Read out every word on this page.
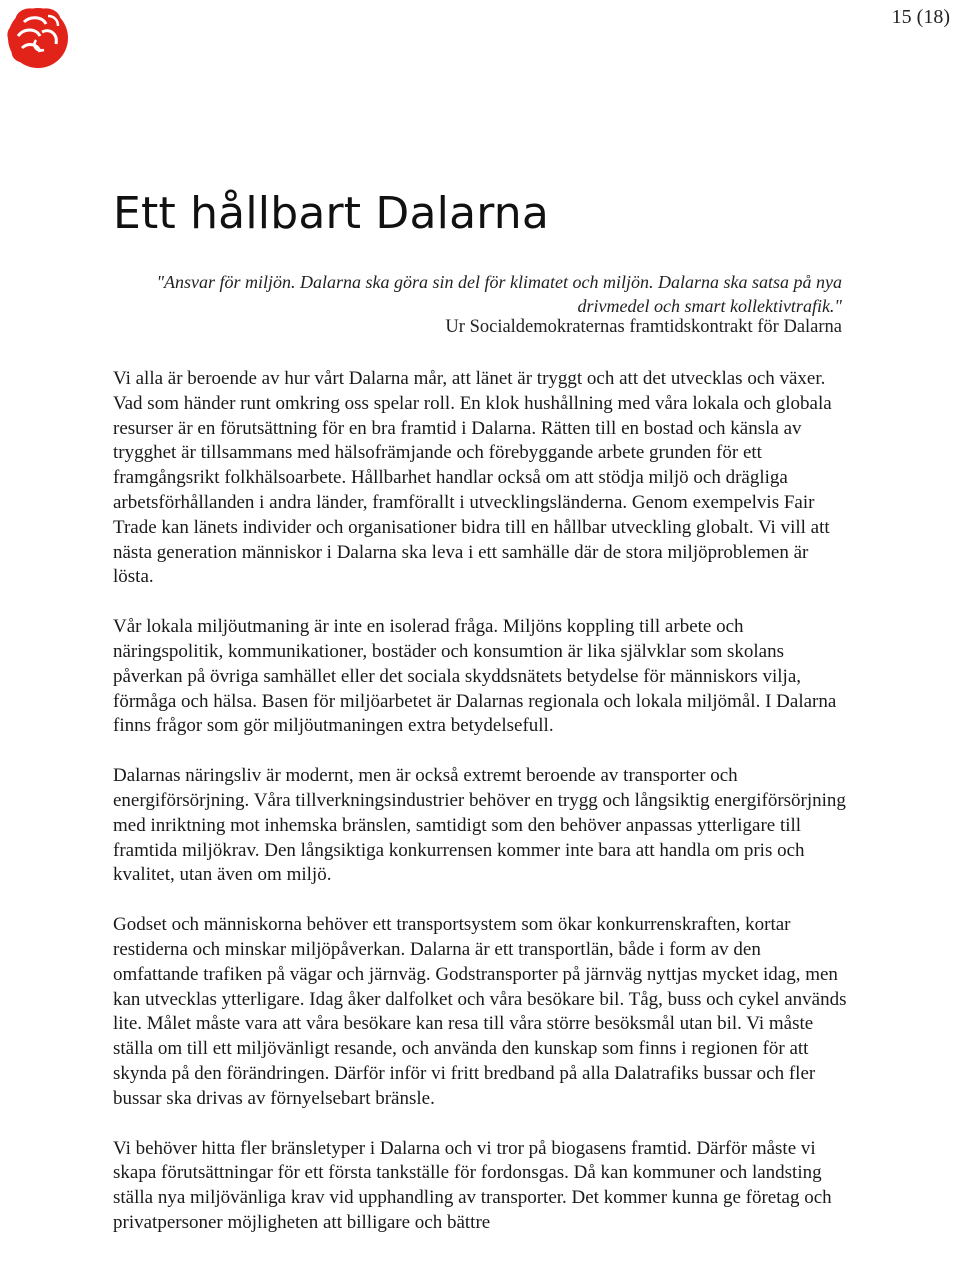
15 (18)
Ett hållbart Dalarna
"Ansvar för miljön. Dalarna ska göra sin del för klimatet och miljön. Dalarna ska satsa på nya drivmedel och smart kollektivtrafik."
Ur Socialdemokraternas framtidskontrakt för Dalarna

Vi alla är beroende av hur vårt Dalarna mår, att länet är tryggt och att det utvecklas och växer. Vad som händer runt omkring oss spelar roll. En klok hushållning med våra lokala och globala resurser är en förutsättning för en bra framtid i Dalarna. Rätten till en bostad och känsla av trygghet är tillsammans med hälsofrämjande och förebyggande arbete grunden för ett framgångsrikt folkhälsoarbete. Hållbarhet handlar också om att stödja miljö och drägliga arbetsförhållanden i andra länder, framförallt i utvecklingsländerna. Genom exempelvis Fair Trade kan länets individer och organisationer bidra till en hållbar utveckling globalt. Vi vill att nästa generation människor i Dalarna ska leva i ett samhälle där de stora miljöproblemen är lösta.

Vår lokala miljöutmaning är inte en isolerad fråga. Miljöns koppling till arbete och näringspolitik, kommunikationer, bostäder och konsumtion är lika självklar som skolans påverkan på övriga samhället eller det sociala skyddsnätets betydelse för människors vilja, förmåga och hälsa. Basen för miljöarbetet är Dalarnas regionala och lokala miljömål. I Dalarna finns frågor som gör miljöutmaningen extra betydelsefull.

Dalarnas näringsliv är modernt, men är också extremt beroende av transporter och energiförsörjning. Våra tillverkningsindustrier behöver en trygg och långsiktig energiförsörjning med inriktning mot inhemska bränslen, samtidigt som den behöver anpassas ytterligare till framtida miljökrav. Den långsiktiga konkurrensen kommer inte bara att handla om pris och kvalitet, utan även om miljö.

Godset och människorna behöver ett transportsystem som ökar konkurrenskraften, kortar restiderna och minskar miljöpåverkan. Dalarna är ett transportlän, både i form av den omfattande trafiken på vägar och järnväg. Godstransporter på järnväg nyttjas mycket idag, men kan utvecklas ytterligare. Idag åker dalfolket och våra besökare bil. Tåg, buss och cykel används lite. Målet måste vara att våra besökare kan resa till våra större besöksmål utan bil. Vi måste ställa om till ett miljövänligt resande, och använda den kunskap som finns i regionen för att skynda på den förändringen. Därför inför vi fritt bredband på alla Dalatrafiks bussar och fler bussar ska drivas av förnyelsebart bränsle.

Vi behöver hitta fler bränsletyper i Dalarna och vi tror på biogasens framtid. Därför måste vi skapa förutsättningar för ett första tankställe för fordonsgas. Då kan kommuner och landsting ställa nya miljövänliga krav vid upphandling av transporter. Det kommer kunna ge företag och privatpersoner möjligheten att billigare och bättre
